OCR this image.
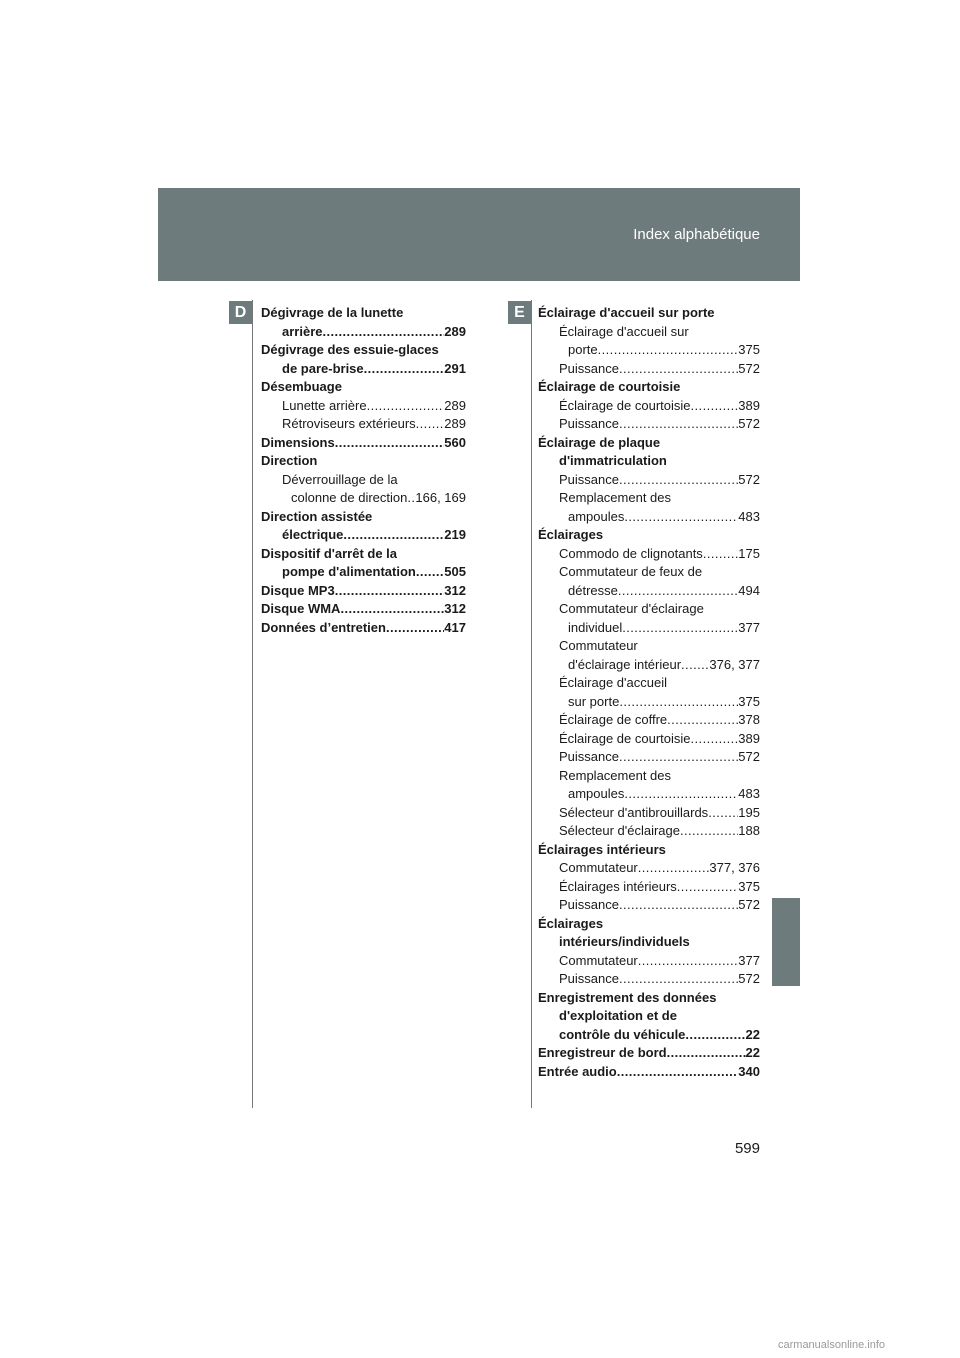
Index alphabétique
D	E
Dégivrage de la lunette
arrière .....	289
Dégivrage des essuie-glaces
de pare-brise .....	291
Désembuage
Lunette arrière .....	289
Rétroviseurs extérieurs ..... 289
Dimensions .....	560
Direction
Déverrouillage de la
colonne de direction ..... 166, 169
Direction assistée
électrique .....	219
Dispositif d'arrêt de la
pompe d'alimentation ..... 505
Disque MP3 .....	312
Disque WMA .....	312
Données d’entretien .....	417
Éclairage d'accueil sur porte
Éclairage d'accueil sur
porte .....	375
Puissance .....	572
Éclairage de courtoisie
Éclairage de courtoisie .....	389
Puissance .....	572
Éclairage de plaque
d'immatriculation
Puissance .....	572
Remplacement des
ampoules .....	483
Éclairages
Commodo de clignotants .....	175
Commutateur de feux de
détresse .....	494
Commutateur d'éclairage
individuel .....	377
Commutateur
d'éclairage intérieur ..... 376, 377
Éclairage d'accueil
sur porte .....	375
Éclairage de coffre .....	378
Éclairage de courtoisie .....	389
Puissance .....	572
Remplacement des
ampoules .....	483
Sélecteur d'antibrouillards ..... 195
Sélecteur d'éclairage .....	188
Éclairages intérieurs
Commutateur .....	377, 376
Éclairages intérieurs .....	375
Puissance .....	572
Éclairages
intérieurs/individuels
Commutateur .....	377
Puissance .....	572
Enregistrement des données
d'exploitation et de
contrôle du véhicule .....	22
Enregistreur de bord .....	22
Entrée audio .....	340
599
carmanualsonline.info
